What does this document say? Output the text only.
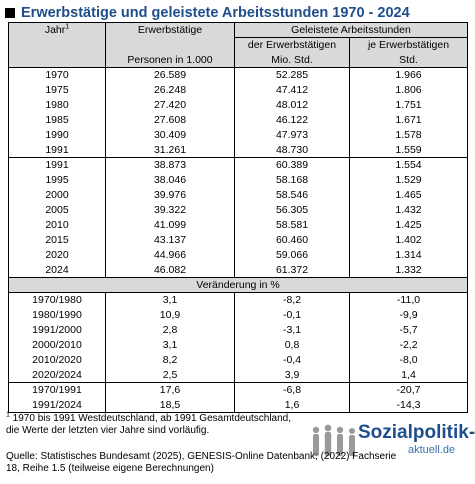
Erwerbstätige und geleistete Arbeitsstunden 1970 - 2024
Jahr$^1$	Erwerbstätige	Geleistete Arbeitsstunden	
		der Erwerbstätigen	je Erwerbstätigen
	Personen in 1.000	Mio. Std.	Std.
1970	26.589	52.285	1.966
1975	26.248	47.412	1.806
1980	27.420	48.012	1.751
1985	27.608	46.122	1.671
1990	30.409	47.973	1.578
1991	31.261	48.730	1.559
1991	38.873	60.389	1.554
1995	38.046	58.168	1.529
2000	39.976	58.546	1.465
2005	39.322	56.305	1.432
2010	41.099	58.581	1.425
2015	43.137	60.460	1.402
2020	44.966	59.066	1.314
2024	46.082	61.372	1.332
Veränderung in %			
1970/1980	3,1	-8,2	-11,0
1980/1990	10,9	-0,1	-9,9
1991/2000	2,8	-3,1	-5,7
2000/2010	3,1	0,8	-2,2
2010/2020	8,2	-0,4	-8,0
2020/2024	2,5	3,9	1,4
1970/1991	17,6	-6,8	-20,7
1991/2024	18,5	1,6	-14,3
$^1$ 1970 bis 1991 Westdeutschland, ab 1991 Gesamtdeutschland, die Werte der letzten vier Jahre sind vorläufig.	Sozialpolitik-
aktuell.de
Quelle: Statistisches Bundesamt (2025), GENESIS-Online Datenbank; (2022) Fachserie 18, Reihe 1.5 (teilweise eigene Berechnungen)
